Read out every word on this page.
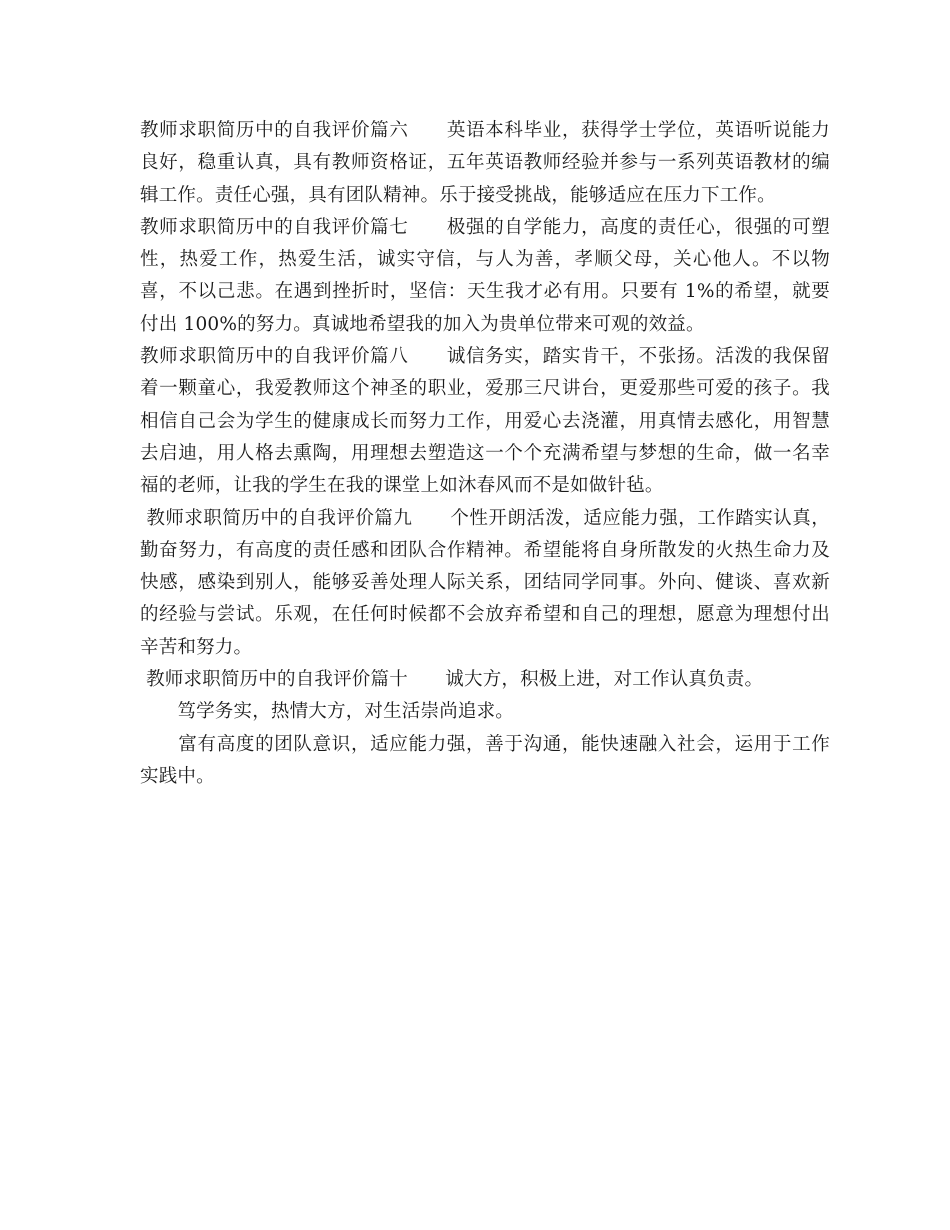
教师求职简历中的自我评价篇六　　英语本科毕业，获得学士学位，英语听说能力良好，稳重认真，具有教师资格证，五年英语教师经验并参与一系列英语教材的编辑工作。责任心强，具有团队精神。乐于接受挑战，能够适应在压力下工作。

教师求职简历中的自我评价篇七　　极强的自学能力，高度的责任心，很强的可塑性，热爱工作，热爱生活，诚实守信，与人为善，孝顺父母，关心他人。不以物喜，不以己悲。在遇到挫折时，坚信：天生我才必有用。只要有 1%的希望，就要付出 100%的努力。真诚地希望我的加入为贵单位带来可观的效益。

教师求职简历中的自我评价篇八　　诚信务实，踏实肯干，不张扬。活泼的我保留着一颗童心，我爱教师这个神圣的职业，爱那三尺讲台，更爱那些可爱的孩子。我相信自己会为学生的健康成长而努力工作，用爱心去浇灌，用真情去感化，用智慧去启迪，用人格去熏陶，用理想去塑造这一个个充满希望与梦想的生命，做一名幸福的老师，让我的学生在我的课堂上如沐春风而不是如做针毡。

教师求职简历中的自我评价篇九　　个性开朗活泼，适应能力强，工作踏实认真，勤奋努力，有高度的责任感和团队合作精神。希望能将自身所散发的火热生命力及快感，感染到别人，能够妥善处理人际关系，团结同学同事。外向、健谈、喜欢新的经验与尝试。乐观，在任何时候都不会放弃希望和自己的理想，愿意为理想付出辛苦和努力。

教师求职简历中的自我评价篇十　　诚大方，积极上进，对工作认真负责。

　　笃学务实，热情大方，对生活崇尚追求。

　　富有高度的团队意识，适应能力强，善于沟通，能快速融入社会，运用于工作实践中。
